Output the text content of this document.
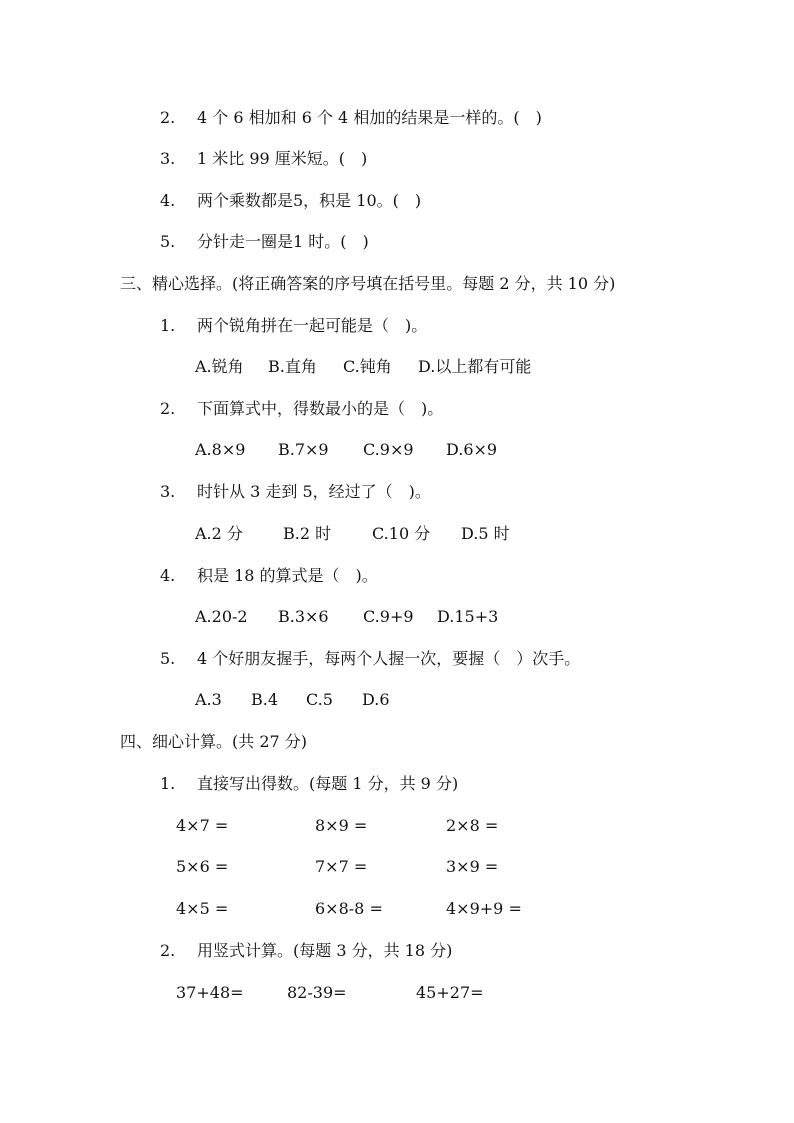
2. 4 个 6 相加和 6 个 4 相加的结果是一样的。(　)
3. 1 米比 99 厘米短。(　)
4. 两个乘数都是5，积是 10。(　)
5. 分针走一圈是1 时。(　)
三、精心选择。(将正确答案的序号填在括号里。每题 2 分，共 10 分)
1. 两个锐角拼在一起可能是（　)。
A.锐角 B.直角 C.钝角 D.以上都有可能
2. 下面算式中，得数最小的是（　)。
A.8×9 B.7×9 C.9×9 D.6×9
3. 时针从 3 走到 5，经过了（　)。
A.2 分	B.2 时	C.10 分 D.5 时
4. 积是 18 的算式是（　)。
A.20-2 B.3×6 C.9+9 D.15+3
5. 4 个好朋友握手，每两个人握一次，要握（　）次手。
A.3 B.4 C.5 D.6
四、细心计算。(共 27 分)
1. 直接写出得数。(每题 1 分，共 9 分)
4×7 =	8×9 =	2×8 =
5×6 =	7×7 =	3×9 =
4×5 =	6×8-8 =	4×9+9 =
2. 用竖式计算。(每题 3 分，共 18 分)
37+48=	82-39=	45+27=
